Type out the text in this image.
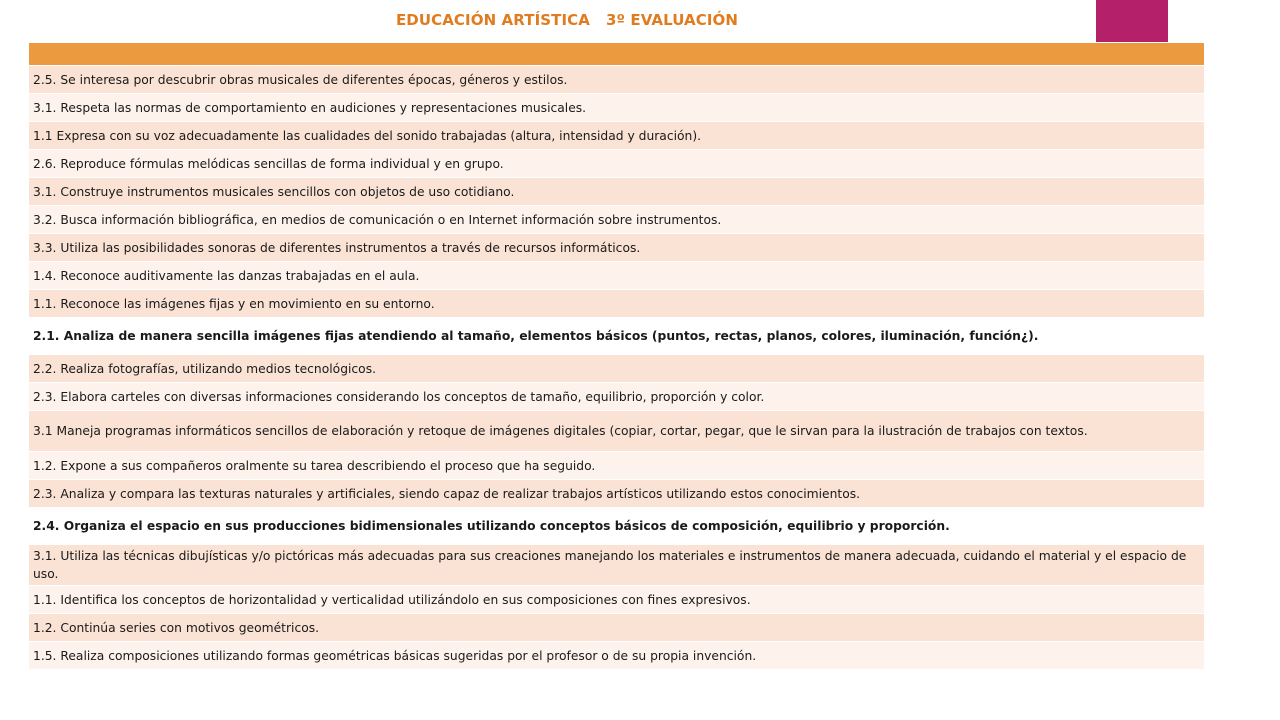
EDUCACIÓN ARTÍSTICA   3º EVALUACIÓN

2.5. Se interesa por descubrir obras musicales de diferentes épocas, géneros y estilos.
3.1. Respeta las normas de comportamiento en audiciones y representaciones musicales.
1.1 Expresa con su voz adecuadamente las cualidades del sonido trabajadas (altura, intensidad y duración).
2.6. Reproduce fórmulas melódicas sencillas de forma individual y en grupo.
3.1. Construye instrumentos musicales sencillos con objetos de uso cotidiano.
3.2. Busca información bibliográfica, en medios de comunicación o en Internet información sobre instrumentos.
3.3. Utiliza las posibilidades sonoras de diferentes instrumentos a través de recursos informáticos.
1.4. Reconoce auditivamente las danzas trabajadas en el aula.
1.1. Reconoce las imágenes fijas y en movimiento en su entorno.
2.1. Analiza de manera sencilla imágenes fijas atendiendo al tamaño, elementos básicos (puntos, rectas, planos, colores, iluminación, función¿).
2.2. Realiza fotografías, utilizando medios tecnológicos.
2.3. Elabora carteles con diversas informaciones considerando los conceptos de tamaño, equilibrio, proporción y color.
3.1 Maneja programas informáticos sencillos de elaboración y retoque de imágenes digitales (copiar, cortar, pegar, que le sirvan para la ilustración de trabajos con textos.
1.2. Expone a sus compañeros oralmente su tarea describiendo el proceso que ha seguido.
2.3. Analiza y compara las texturas naturales y artificiales, siendo capaz de realizar trabajos artísticos utilizando estos conocimientos.
2.4. Organiza el espacio en sus producciones bidimensionales utilizando conceptos básicos de composición, equilibrio y proporción.
3.1. Utiliza las técnicas dibujísticas y/o pictóricas más adecuadas para sus creaciones manejando los materiales e instrumentos de manera adecuada, cuidando el material y el espacio de uso.
1.1. Identifica los conceptos de horizontalidad y verticalidad utilizándolo en sus composiciones con fines expresivos.
1.2. Continúa series con motivos geométricos.
1.5. Realiza composiciones utilizando formas geométricas básicas sugeridas por el profesor o de su propia invención.
